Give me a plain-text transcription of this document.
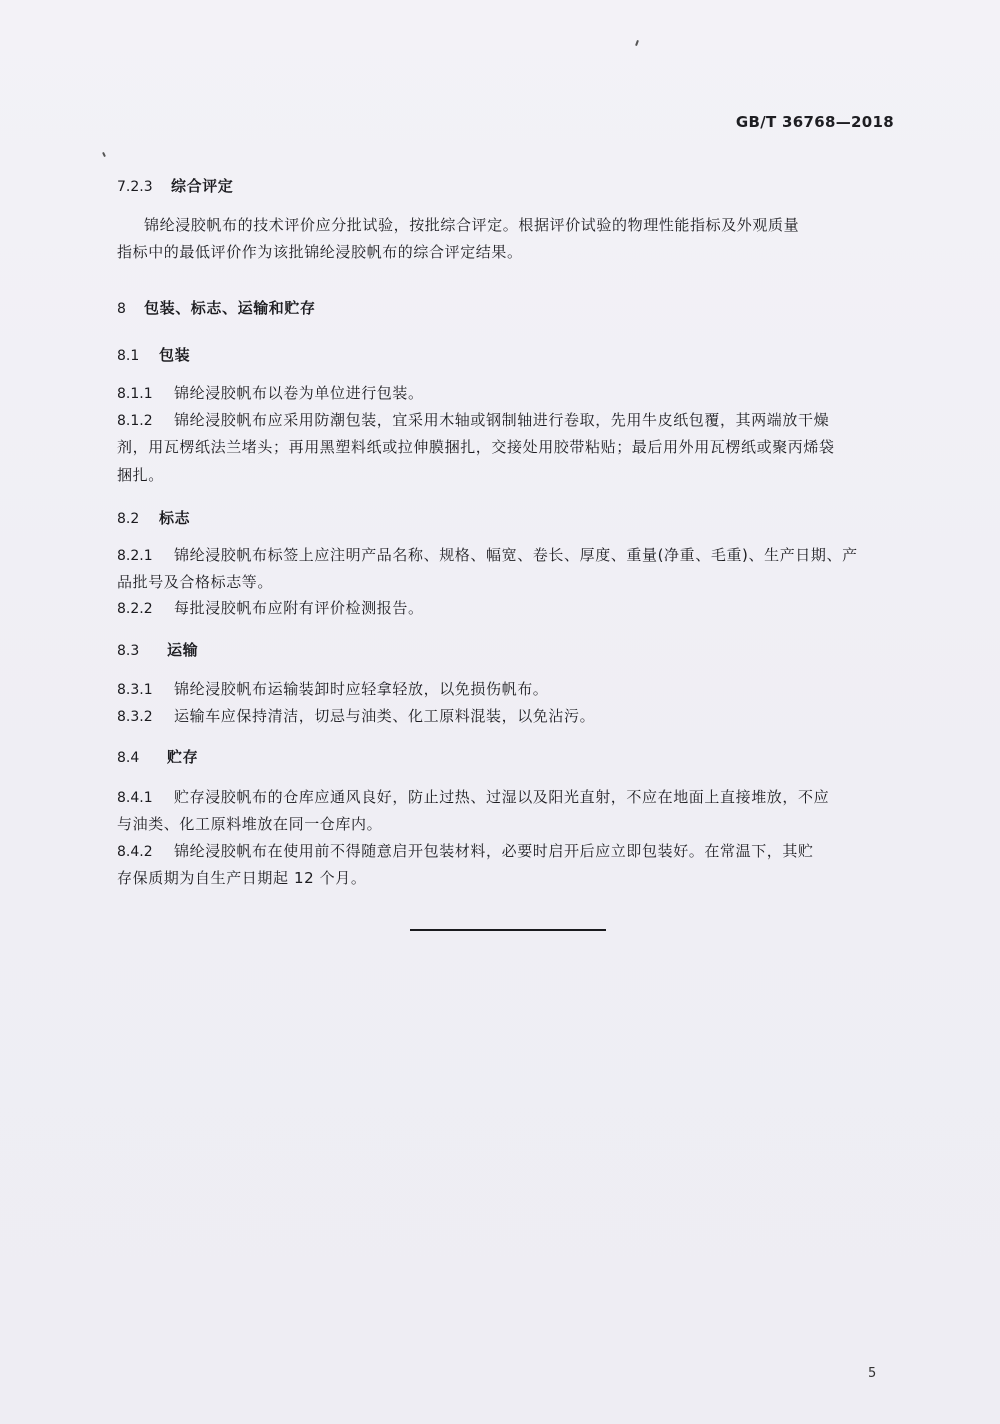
GB/T 36768—2018
7.2.3 综合评定
锦纶浸胶帆布的技术评价应分批试验，按批综合评定。根据评价试验的物理性能指标及外观质量
指标中的最低评价作为该批锦纶浸胶帆布的综合评定结果。
8 包装、标志、运输和贮存
8.1 包装
8.1.1 锦纶浸胶帆布以卷为单位进行包装。
8.1.2 锦纶浸胶帆布应采用防潮包装，宜采用木轴或钢制轴进行卷取，先用牛皮纸包覆，其两端放干燥
剂，用瓦楞纸法兰堵头；再用黑塑料纸或拉伸膜捆扎，交接处用胶带粘贴；最后用外用瓦楞纸或聚丙烯袋
捆扎。
8.2 标志
8.2.1 锦纶浸胶帆布标签上应注明产品名称、规格、幅宽、卷长、厚度、重量(净重、毛重)、生产日期、产
品批号及合格标志等。
8.2.2 每批浸胶帆布应附有评价检测报告。
8.3 运输
8.3.1 锦纶浸胶帆布运输装卸时应轻拿轻放，以免损伤帆布。
8.3.2 运输车应保持清洁，切忌与油类、化工原料混装，以免沾污。
8.4 贮存
8.4.1 贮存浸胶帆布的仓库应通风良好，防止过热、过湿以及阳光直射，不应在地面上直接堆放，不应
与油类、化工原料堆放在同一仓库内。
8.4.2 锦纶浸胶帆布在使用前不得随意启开包装材料，必要时启开后应立即包装好。在常温下，其贮
存保质期为自生产日期起 12 个月。
5
